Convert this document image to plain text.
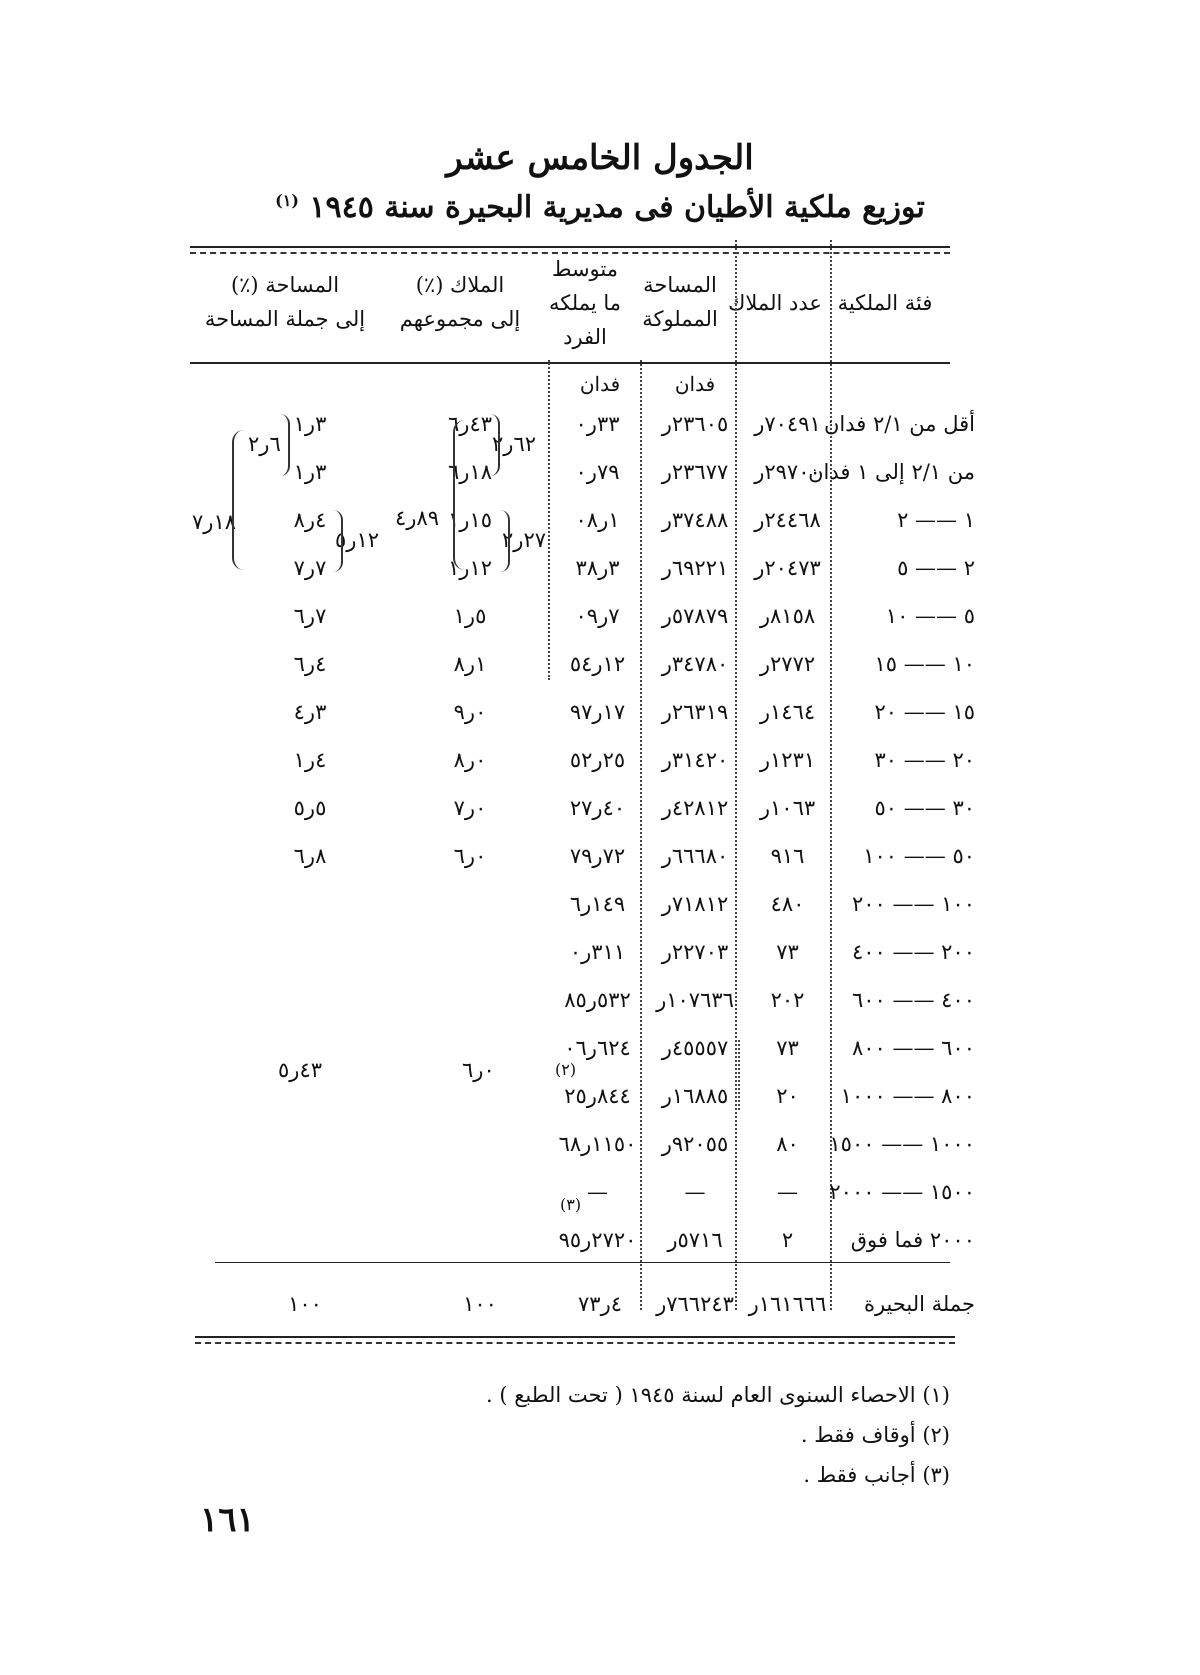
الجدول الخامس عشر
توزيع ملكية الأطيان فى مديرية البحيرة سنة ١٩٤٥ $^{(١)}$
فئة الملكية
عدد الملاك
المساحة
المملوكة
متوسط
ما يملكه
الفرد
الملاك (٪)
إلى مجموعهم
المساحة (٪)
إلى جملة المساحة
فدان
فدان
أقل من ٢/١ فدان
٧٠٤٩١ر
٢٣٦٠٥ر
٣٣ر٠
٤٣ر٦
٣ر١
من ٢/١ إلى ١ فدان
٢٩٧٠٠ر
٢٣٦٧٧ر
٧٩ر٠
١٨ر٦
٣ر١
١ —— ٢
٢٤٤٦٨ر
٣٧٤٨٨ر
١ر٠٨
١٥ر١
٤ر٨
٢ —— ٥
٢٠٤٧٣ر
٦٩٢٢١ر
٣ر٣٨
١٢ر١
٧ر٧
٥ —— ١٠
٨١٥٨ر
٥٧٨٧٩ر
٧ر٠٩
٥ر١
٧ر٦
١٠ —— ١٥
٢٧٧٢ر
٣٤٧٨٠ر
١٢ر٥٤
١ر٨
٤ر٦
١٥ —— ٢٠
١٤٦٤ر
٢٦٣١٩ر
١٧ر٩٧
٠ر٩
٣ر٤
٢٠ —— ٣٠
١٢٣١ر
٣١٤٢٠ر
٢٥ر٥٢
٠ر٨
٤ر١
٣٠ —— ٥٠
١٠٦٣ر
٤٢٨١٢ر
٤٠ر٢٧
٠ر٧
٥ر٥
٥٠ —— ١٠٠
٩١٦
٦٦٦٨٠ر
٧٢ر٧٩
٠ر٦
٨ر٦
١٠٠ —— ٢٠٠
٤٨٠
٧١٨١٢ر
١٤٩ر٦
٢٠٠ —— ٤٠٠
٧٣
٢٢٧٠٣ر
٣١١ر٠
٤٠٠ —— ٦٠٠
٢٠٢
١٠٧٦٣٦ر
٥٣٢ر٨٥
٦٠٠ —— ٨٠٠
٧٣
٤٥٥٥٧ر
٦٢٤ر٠٦
٨٠٠ —— ١٠٠٠
٢٠
١٦٨٨٥ر
٨٤٤ر٢٥
١٠٠٠ —— ١٥٠٠
٨٠
٩٢٠٥٥ر
١١٥٠ر٦٨
١٥٠٠ —— ٢٠٠٠
—
—
—
٢٠٠٠ فما فوق
٢
٥٧١٦ر
٢٧٢٠ر٩٥
٦٢ر٢
٦ر٢
٢٧ر٢
١٢ر٥
٨٩ر٤
١٨ر٧
٠ر٦
٤٣ر٥	(٢)
(٣)
جملة البحيرة
١٦١٦٦٦ر
٧٦٦٢٤٣ر
٤ر٧٣
١٠٠
١٠٠
(١) الاحصاء السنوى العام لسنة ١٩٤٥ ( تحت الطبع ) .
(٢) أوقاف فقط .
(٣) أجانب فقط .
١٦١
